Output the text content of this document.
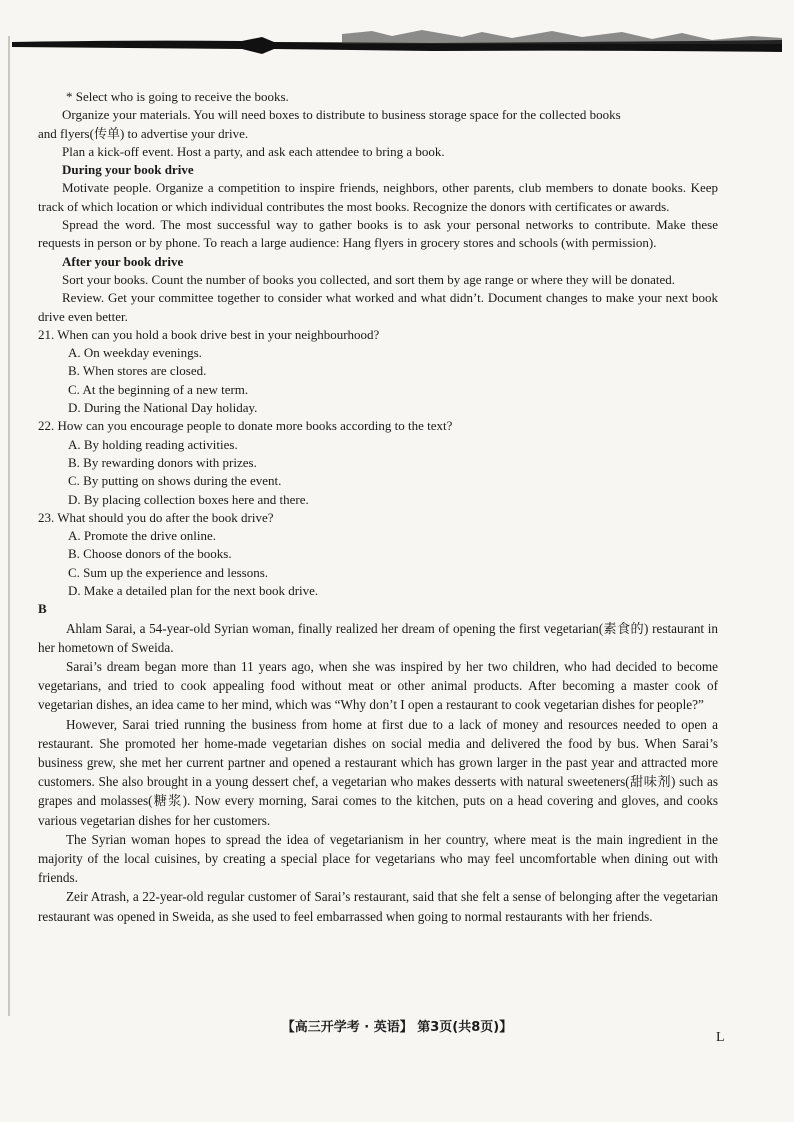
* Select who is going to receive the books.

Organize your materials. You will need boxes to distribute to business storage space for the collected books

and flyers(传单) to advertise your drive.

Plan a kick-off event. Host a party, and ask each attendee to bring a book.

During your book drive

Motivate people. Organize a competition to inspire friends, neighbors, other parents, club members to donate books. Keep track of which location or which individual contributes the most books. Recognize the donors with certificates or awards.

Spread the word. The most successful way to gather books is to ask your personal networks to contribute. Make these requests in person or by phone. To reach a large audience: Hang flyers in grocery stores and schools (with permission).

After your book drive

Sort your books. Count the number of books you collected, and sort them by age range or where they will be donated.

Review. Get your committee together to consider what worked and what didn’t. Document changes to make your next book drive even better.

21. When can you hold a book drive best in your neighbourhood?

A. On weekday evenings.
B. When stores are closed.
C. At the beginning of a new term.
D. During the National Day holiday.

22. How can you encourage people to donate more books according to the text?

A. By holding reading activities.
B. By rewarding donors with prizes.
C. By putting on shows during the event.
D. By placing collection boxes here and there.

23. What should you do after the book drive?

A. Promote the drive online.
B. Choose donors of the books.
C. Sum up the experience and lessons.
D. Make a detailed plan for the next book drive.

B

Ahlam Sarai, a 54-year-old Syrian woman, finally realized her dream of opening the first vegetarian(素食的) restaurant in her hometown of Sweida.

Sarai’s dream began more than 11 years ago, when she was inspired by her two children, who had decided to become vegetarians, and tried to cook appealing food without meat or other animal products. After becoming a master cook of vegetarian dishes, an idea came to her mind, which was “Why don’t I open a restaurant to cook vegetarian dishes for people?”

However, Sarai tried running the business from home at first due to a lack of money and resources needed to open a restaurant. She promoted her home-made vegetarian dishes on social media and delivered the food by bus. When Sarai’s business grew, she met her current partner and opened a restaurant which has grown larger in the past year and attracted more customers. She also brought in a young dessert chef, a vegetarian who makes desserts with natural sweeteners(甜味剂) such as grapes and molasses(糖浆). Now every morning, Sarai comes to the kitchen, puts on a head covering and gloves, and cooks various vegetarian dishes for her customers.

The Syrian woman hopes to spread the idea of vegetarianism in her country, where meat is the main ingredient in the majority of the local cuisines, by creating a special place for vegetarians who may feel uncomfortable when dining out with friends.

Zeir Atrash, a 22-year-old regular customer of Sarai’s restaurant, said that she felt a sense of belonging after the vegetarian restaurant was opened in Sweida, as she used to feel embarrassed when going to normal restaurants with her friends.

【高三开学考 · 英语】 第3页(共8页)】
L
